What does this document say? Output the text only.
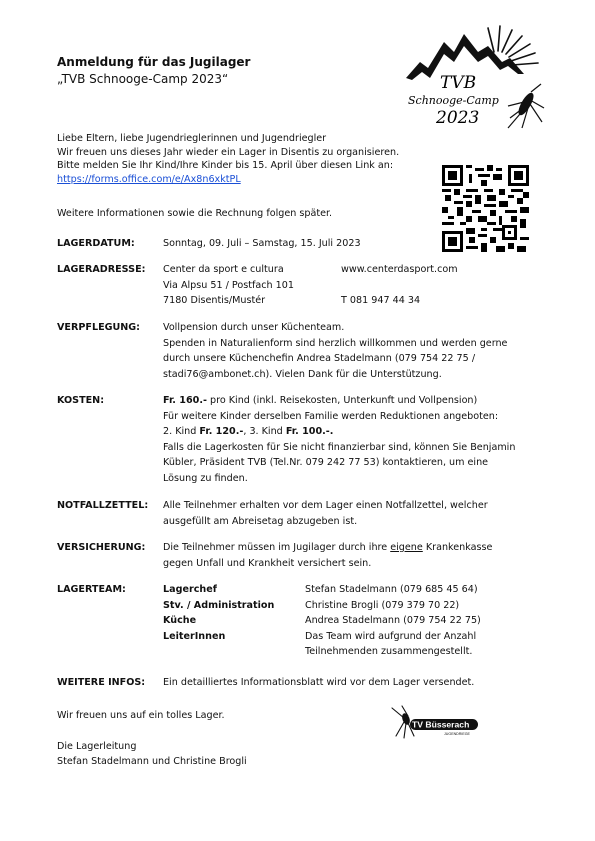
Anmeldung für das Jugilager
„TVB Schnooge-Camp 2023“	TVB
Schnooge-Camp
2023
Liebe Eltern, liebe Jugendrieglerinnen und Jugendriegler
Wir freuen uns dieses Jahr wieder ein Lager in Disentis zu organisieren.
Bitte melden Sie Ihr Kind/Ihre Kinder bis 15. April über diesen Link an:
https://forms.office.com/e/Ax8n6xktPL
Weitere Informationen sowie die Rechnung folgen später.
LAGERDATUM:	Sonntag, 09. Juli – Samstag, 15. Juli 2023
LAGERADRESSE:	Center da sport e cultura	www.centerdasport.com
Via Alpsu 51 / Postfach 101
7180 Disentis/Mustér	T 081 947 44 34
VERPFLEGUNG:	Vollpension durch unser Küchenteam.
Spenden in Naturalienform sind herzlich willkommen und werden gerne
durch unsere Küchenchefin Andrea Stadelmann (079 754 22 75 /
stadi76@ambonet.ch). Vielen Dank für die Unterstützung.
KOSTEN:	Fr. 160.- pro Kind (inkl. Reisekosten, Unterkunft und Vollpension)
Für weitere Kinder derselben Familie werden Reduktionen angeboten:
2. Kind Fr. 120.-, 3. Kind Fr. 100.-.
Falls die Lagerkosten für Sie nicht finanzierbar sind, können Sie Benjamin
Kübler, Präsident TVB (Tel.Nr. 079 242 77 53) kontaktieren, um eine
Lösung zu finden.
NOTFALLZETTEL:	Alle Teilnehmer erhalten vor dem Lager einen Notfallzettel, welcher
ausgefüllt am Abreisetag abzugeben ist.
VERSICHERUNG:	Die Teilnehmer müssen im Jugilager durch ihre eigene Krankenkasse
gegen Unfall und Krankheit versichert sein.
LAGERTEAM:	Lagerchef	Stefan Stadelmann (079 685 45 64)
Stv. / Administration	Christine Brogli (079 379 70 22)
Küche	Andrea Stadelmann (079 754 22 75)
LeiterInnen	Das Team wird aufgrund der Anzahl Teilnehmenden zusammengestellt.
WEITERE INFOS:	Ein detailliertes Informationsblatt wird vor dem Lager versendet.
Wir freuen uns auf ein tolles Lager.
Die Lagerleitung
Stefan Stadelmann und Christine Brogli
TV Büsserach
JUGENDRIEGE
